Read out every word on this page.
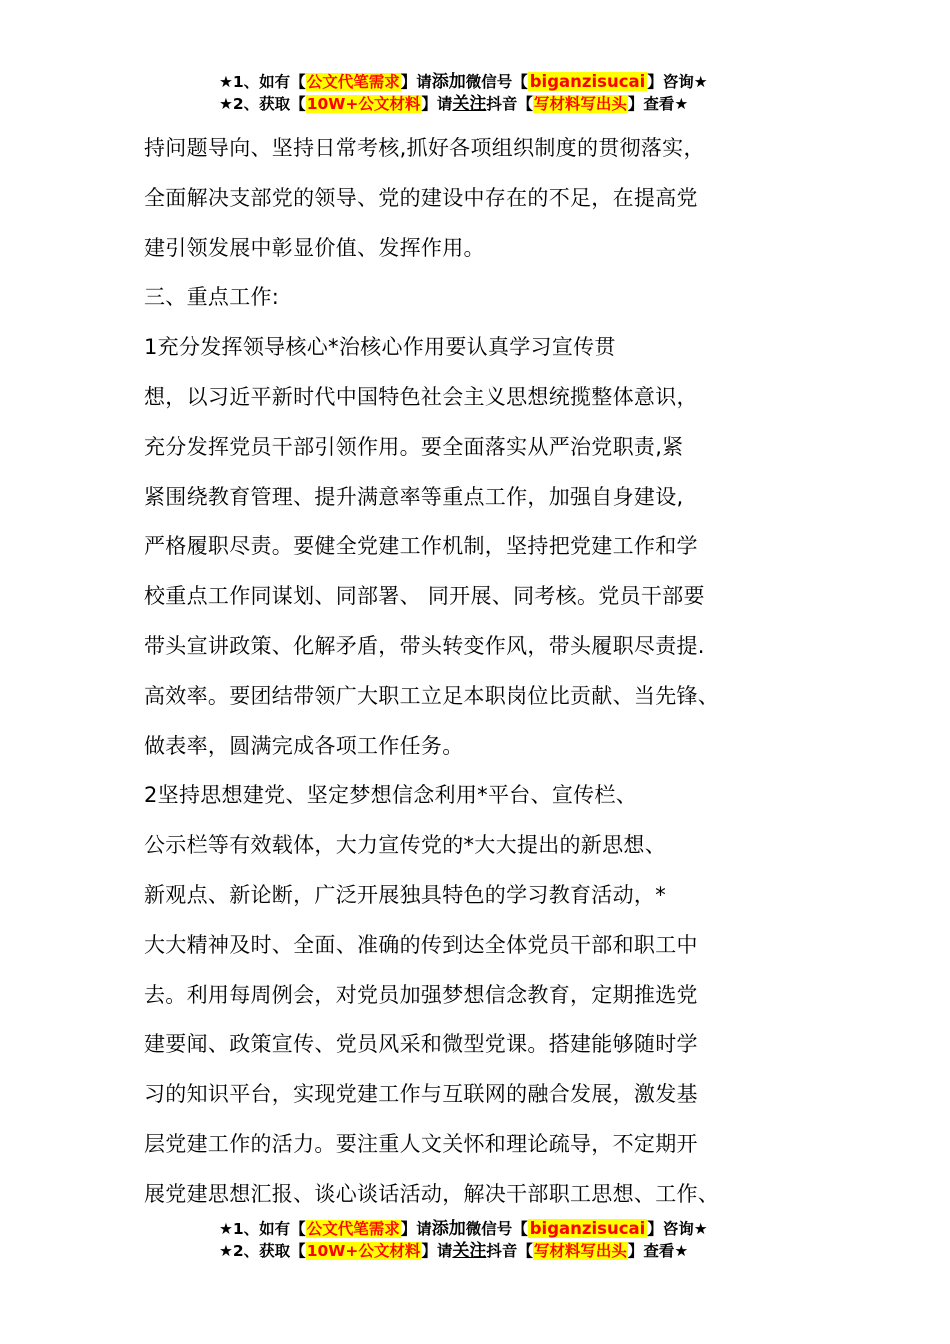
★1、如有【公文代笔需求】请添加微信号【 biganzisucai 】咨询★
★2、获取【10W+公文材料】请关注抖音【写材料写出头】查看★
持问题导向、坚持日常考核,抓好各项组织制度的贯彻落实，
全面解决支部党的领导、党的建设中存在的不足，在提高党
建引领发展中彰显价值、发挥作用。
三、重点工作:
1充分发挥领导核心*治核心作用要认真学习宣传贯
想，以习近平新时代中国特色社会主义思想统揽整体意识，
充分发挥党员干部引领作用。要全面落实从严治党职责,紧
紧围绕教育管理、提升满意率等重点工作，加强自身建设,
严格履职尽责。要健全党建工作机制，坚持把党建工作和学
校重点工作同谋划、同部署、 同开展、同考核。党员干部要
带头宣讲政策、化解矛盾，带头转变作风，带头履职尽责提.
高效率。要团结带领广大职工立足本职岗位比贡献、当先锋、
做表率，圆满完成各项工作任务。
2坚持思想建党、坚定梦想信念利用*平台、宣传栏、
公示栏等有效载体，大力宣传党的*大大提出的新思想、
新观点、新论断，广泛开展独具特色的学习教育活动，*
大大精神及时、全面、准确的传到达全体党员干部和职工中
去。利用每周例会，对党员加强梦想信念教育，定期推选党
建要闻、政策宣传、党员风采和微型党课。搭建能够随时学
习的知识平台，实现党建工作与互联网的融合发展，激发基
层党建工作的活力。要注重人文关怀和理论疏导，不定期开
展党建思想汇报、谈心谈话活动，解决干部职工思想、工作、
★1、如有【公文代笔需求】请添加微信号【 biganzisucai 】咨询★
★2、获取【10W+公文材料】请关注抖音【写材料写出头】查看★
